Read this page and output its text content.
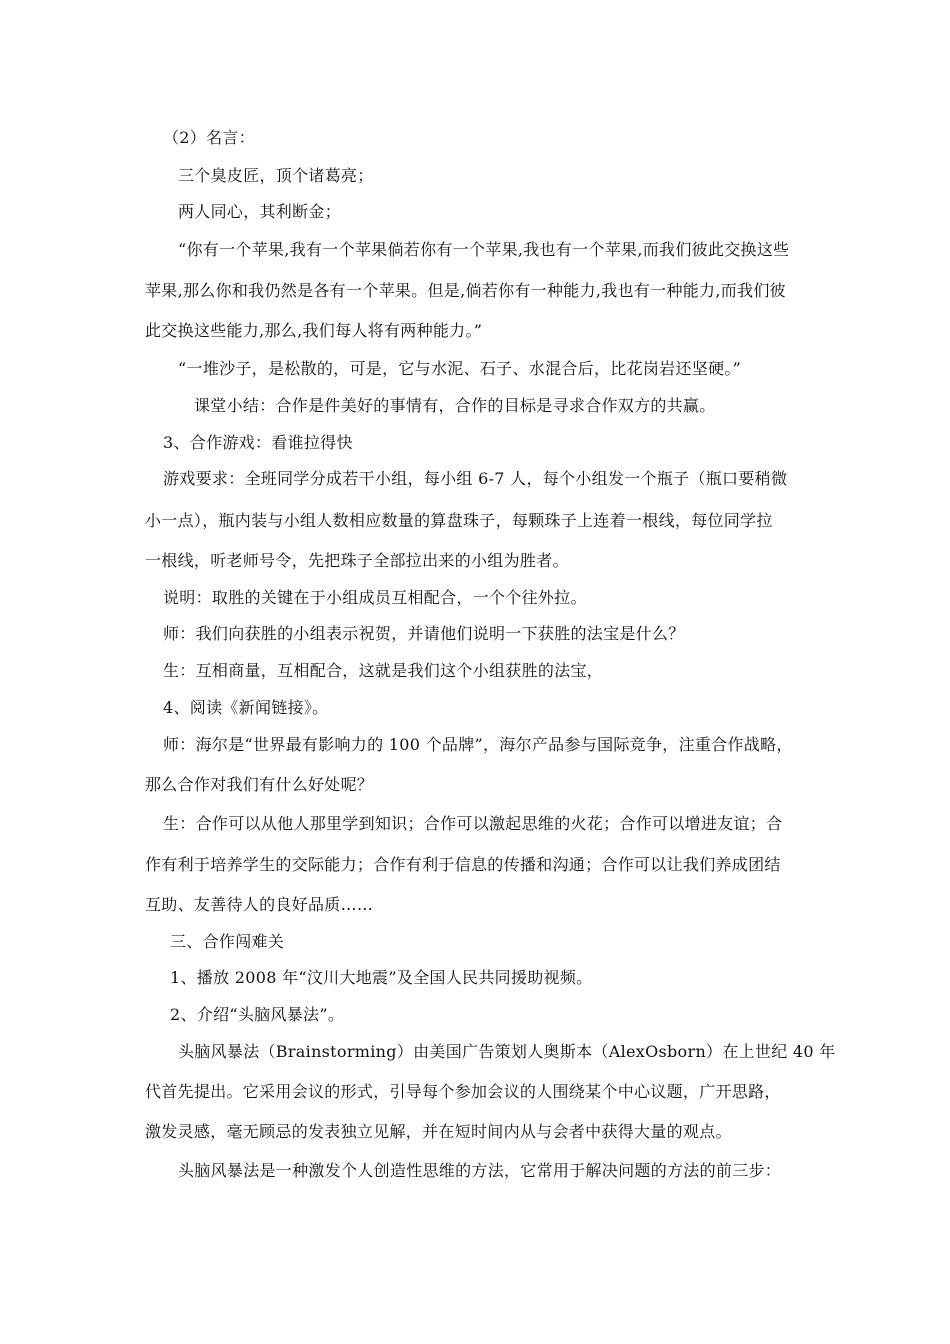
（2）名言：
三个臭皮匠，顶个诸葛亮；
两人同心，其利断金；
“你有一个苹果,我有一个苹果倘若你有一个苹果,我也有一个苹果,而我们彼此交换这些
苹果,那么你和我仍然是各有一个苹果。但是,倘若你有一种能力,我也有一种能力,而我们彼
此交换这些能力,那么,我们每人将有两种能力。”
“一堆沙子，是松散的，可是，它与水泥、石子、水混合后，比花岗岩还坚硬。”
课堂小结：合作是件美好的事情有，合作的目标是寻求合作双方的共赢。
3、合作游戏：看谁拉得快
游戏要求：全班同学分成若干小组，每小组 6-7 人，每个小组发一个瓶子（瓶口要稍微
小一点），瓶内装与小组人数相应数量的算盘珠子，每颗珠子上连着一根线，每位同学拉
一根线，听老师号令，先把珠子全部拉出来的小组为胜者。
说明：取胜的关键在于小组成员互相配合，一个个往外拉。
师：我们向获胜的小组表示祝贺，并请他们说明一下获胜的法宝是什么？
生：互相商量，互相配合，这就是我们这个小组获胜的法宝，
4、阅读《新闻链接》。
师：海尔是“世界最有影响力的 100 个品牌”，海尔产品参与国际竞争，注重合作战略，
那么合作对我们有什么好处呢？
生：合作可以从他人那里学到知识；合作可以激起思维的火花；合作可以增进友谊；合
作有利于培养学生的交际能力；合作有利于信息的传播和沟通；合作可以让我们养成团结
互助、友善待人的良好品质……
三、合作闯难关
1、播放 2008 年“汶川大地震”及全国人民共同援助视频。
2、介绍“头脑风暴法”。
头脑风暴法（Brainstorming）由美国广告策划人奥斯本（AlexOsborn）在上世纪 40 年
代首先提出。它采用会议的形式，引导每个参加会议的人围绕某个中心议题，广开思路，
激发灵感，毫无顾忌的发表独立见解，并在短时间内从与会者中获得大量的观点。
头脑风暴法是一种激发个人创造性思维的方法，它常用于解决问题的方法的前三步：
